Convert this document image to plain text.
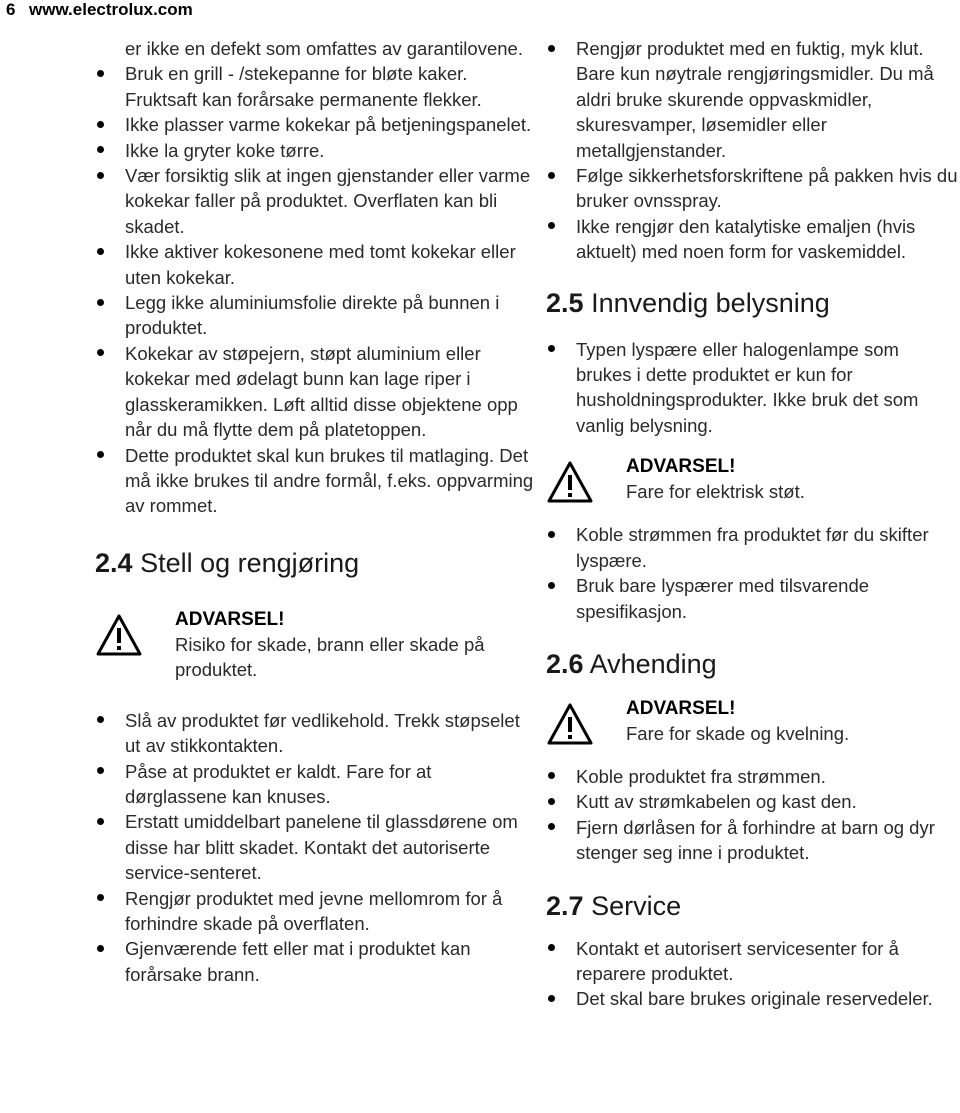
6 www.electrolux.com
er ikke en defekt som omfattes av garantilovene.
Bruk en grill - /stekepanne for bløte kaker. Fruktsaft kan forårsake permanente flekker.
Ikke plasser varme kokekar på betjeningspanelet.
Ikke la gryter koke tørre.
Vær forsiktig slik at ingen gjenstander eller varme kokekar faller på produktet. Overflaten kan bli skadet.
Ikke aktiver kokesonene med tomt kokekar eller uten kokekar.
Legg ikke aluminiumsfolie direkte på bunnen i produktet.
Kokekar av støpejern, støpt aluminium eller kokekar med ødelagt bunn kan lage riper i glasskeramikken. Løft alltid disse objektene opp når du må flytte dem på platetoppen.
Dette produktet skal kun brukes til matlaging. Det må ikke brukes til andre formål, f.eks. oppvarming av rommet.
2.4 Stell og rengjøring
ADVARSEL!
Risiko for skade, brann eller skade på produktet.
Slå av produktet før vedlikehold. Trekk støpselet ut av stikkontakten.
Påse at produktet er kaldt. Fare for at dørglassene kan knuses.
Erstatt umiddelbart panelene til glassdørene om disse har blitt skadet. Kontakt det autoriserte service-senteret.
Rengjør produktet med jevne mellomrom for å forhindre skade på overflaten.
Gjenværende fett eller mat i produktet kan forårsake brann.
Rengjør produktet med en fuktig, myk klut. Bare kun nøytrale rengjøringsmidler. Du må aldri bruke skurende oppvaskmidler, skuresvamper, løsemidler eller metallgjenstander.
Følge sikkerhetsforskriftene på pakken hvis du bruker ovnsspray.
Ikke rengjør den katalytiske emaljen (hvis aktuelt) med noen form for vaskemiddel.
2.5 Innvendig belysning
Typen lyspære eller halogenlampe som brukes i dette produktet er kun for husholdningsprodukter. Ikke bruk det som vanlig belysning.
ADVARSEL!
Fare for elektrisk støt.
Koble strømmen fra produktet før du skifter lyspære.
Bruk bare lyspærer med tilsvarende spesifikasjon.
2.6 Avhending
ADVARSEL!
Fare for skade og kvelning.
Koble produktet fra strømmen.
Kutt av strømkabelen og kast den.
Fjern dørlåsen for å forhindre at barn og dyr stenger seg inne i produktet.
2.7 Service
Kontakt et autorisert servicesenter for å reparere produktet.
Det skal bare brukes originale reservedeler.
